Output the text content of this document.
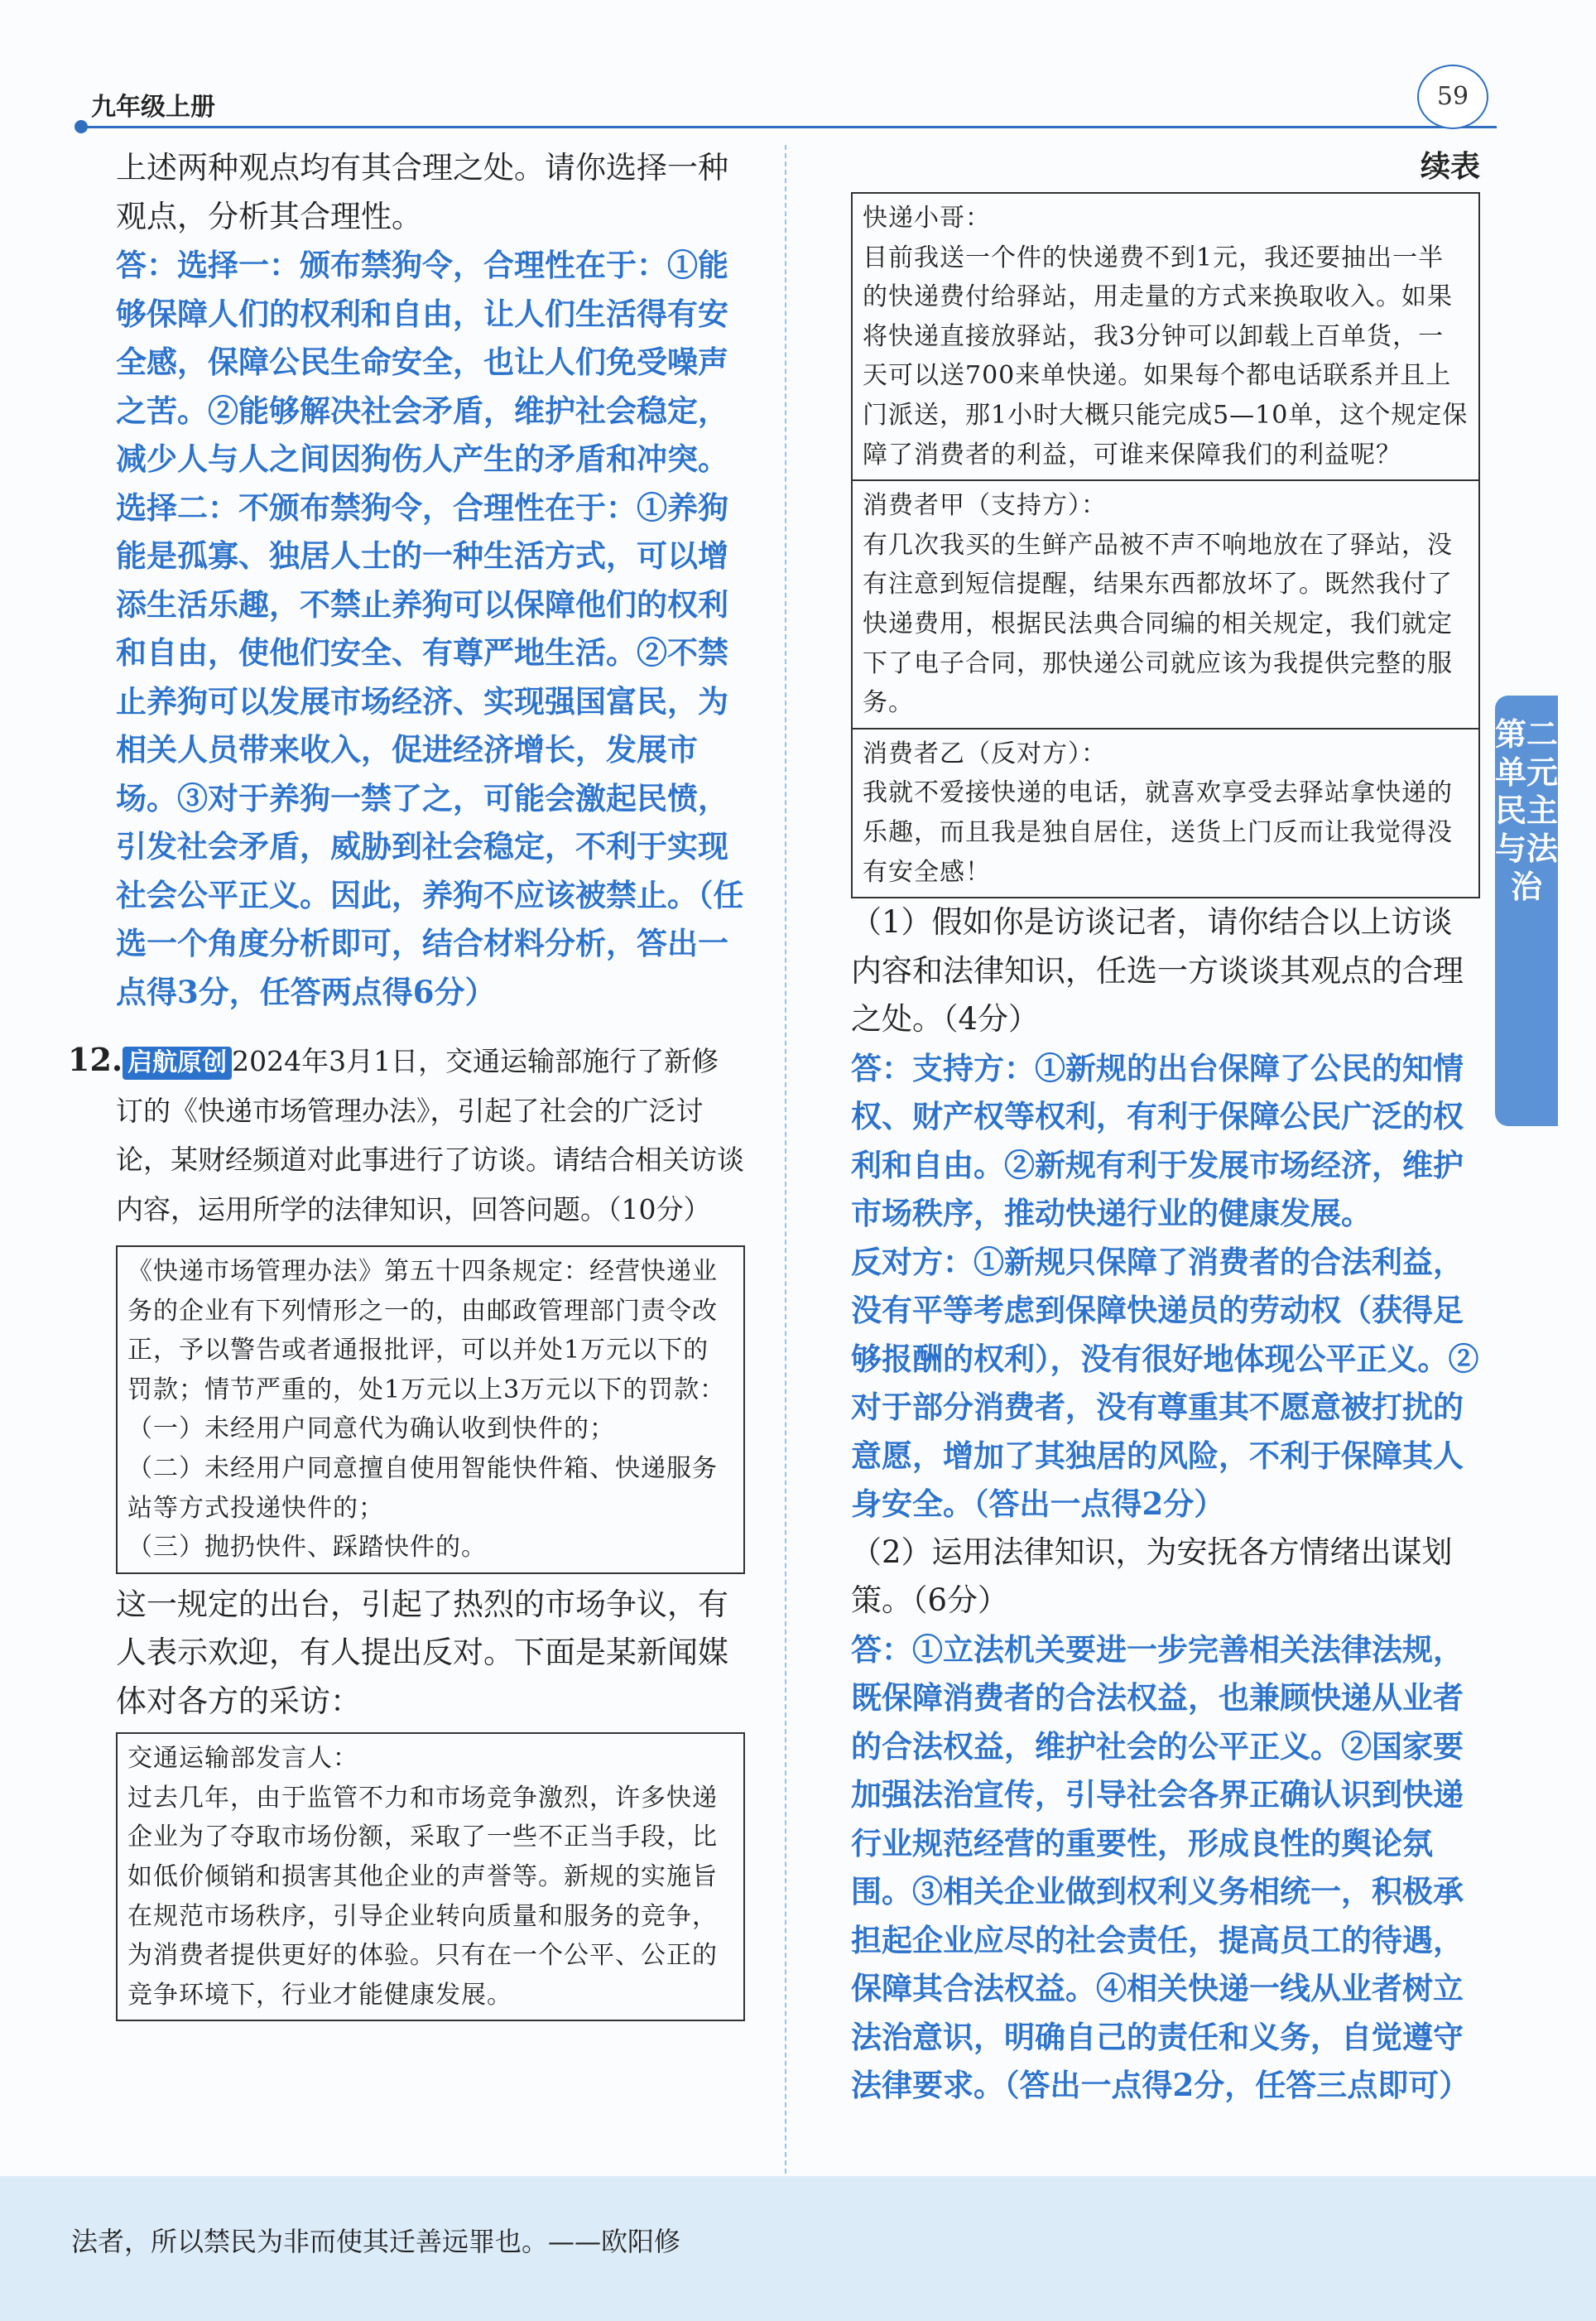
九年级上册	59

上述两种观点均有其合理之处。请你选择一种观点，分析其合理性。

答：选择一：颁布禁狗令，合理性在于：①能够保障人们的权利和自由，让人们生活得有安全感，保障公民生命安全，也让人们免受噪声之苦。②能够解决社会矛盾，维护社会稳定，减少人与人之间因狗伤人产生的矛盾和冲突。

选择二：不颁布禁狗令，合理性在于：①养狗能是孤寡、独居人士的一种生活方式，可以增添生活乐趣，不禁止养狗可以保障他们的权利和自由，使他们安全、有尊严地生活。②不禁止养狗可以发展市场经济、实现强国富民，为相关人员带来收入，促进经济增长，发展市场。③对于养狗一禁了之，可能会激起民愤，引发社会矛盾，威胁到社会稳定，不利于实现社会公平正义。因此，养狗不应该被禁止。（任选一个角度分析即可，结合材料分析，答出一点得3分，任答两点得6分）

12. 启航原创 2024年3月1日，交通运输部施行了新修订的《快递市场管理办法》，引起了社会的广泛讨论，某财经频道对此事进行了访谈。请结合相关访谈内容，运用所学的法律知识，回答问题。（10分）
《快递市场管理办法》第五十四条规定：经营快递业务的企业有下列情形之一的，由邮政管理部门责令改正，予以警告或者通报批评，可以并处1万元以下的罚款；情节严重的，处1万元以上3万元以下的罚款：
（一）未经用户同意代为确认收到快件的；
（二）未经用户同意擅自使用智能快件箱、快递服务站等方式投递快件的；
（三）抛扔快件、踩踏快件的。

这一规定的出台，引起了热烈的市场争议，有人表示欢迎，有人提出反对。下面是某新闻媒体对各方的采访：

交通运输部发言人：
过去几年，由于监管不力和市场竞争激烈，许多快递企业为了夺取市场份额，采取了一些不正当手段，比如低价倾销和损害其他企业的声誉等。新规的实施旨在规范市场秩序，引导企业转向质量和服务的竞争，为消费者提供更好的体验。只有在一个公平、公正的竞争环境下，行业才能健康发展。
续表
快递小哥：
目前我送一个件的快递费不到1元，我还要抽出一半的快递费付给驿站，用走量的方式来换取收入。如果将快递直接放驿站，我3分钟可以卸载上百单货，一天可以送700来单快递。如果每个都电话联系并且上门派送，那1小时大概只能完成5—10单，这个规定保障了消费者的利益，可谁来保障我们的利益呢？
消费者甲（支持方）：
有几次我买的生鲜产品被不声不响地放在了驿站，没有注意到短信提醒，结果东西都放坏了。既然我付了快递费用，根据民法典合同编的相关规定，我们就定下了电子合同，那快递公司就应该为我提供完整的服务。
消费者乙（反对方）：
我就不爱接快递的电话，就喜欢享受去驿站拿快递的乐趣，而且我是独自居住，送货上门反而让我觉得没有安全感！

（1）假如你是访谈记者，请你结合以上访谈内容和法律知识，任选一方谈谈其观点的合理之处。（4分）

答：支持方：①新规的出台保障了公民的知情权、财产权等权利，有利于保障公民广泛的权利和自由。②新规有利于发展市场经济，维护市场秩序，推动快递行业的健康发展。

反对方：①新规只保障了消费者的合法利益，没有平等考虑到保障快递员的劳动权（获得足够报酬的权利），没有很好地体现公平正义。②对于部分消费者，没有尊重其不愿意被打扰的意愿，增加了其独居的风险，不利于保障其人身安全。（答出一点得2分）

（2）运用法律知识，为安抚各方情绪出谋划策。（6分）

答：①立法机关要进一步完善相关法律法规，既保障消费者的合法权益，也兼顾快递从业者的合法权益，维护社会的公平正义。②国家要加强法治宣传，引导社会各界正确认识到快递行业规范经营的重要性，形成良性的舆论氛围。③相关企业做到权利义务相统一，积极承担起企业应尽的社会责任，提高员工的待遇，保障其合法权益。④相关快递一线从业者树立法治意识，明确自己的责任和义务，自觉遵守法律要求。（答出一点得2分，任答三点即可）

第二单元 民主与法治
法者，所以禁民为非而使其迁善远罪也。——欧阳修
